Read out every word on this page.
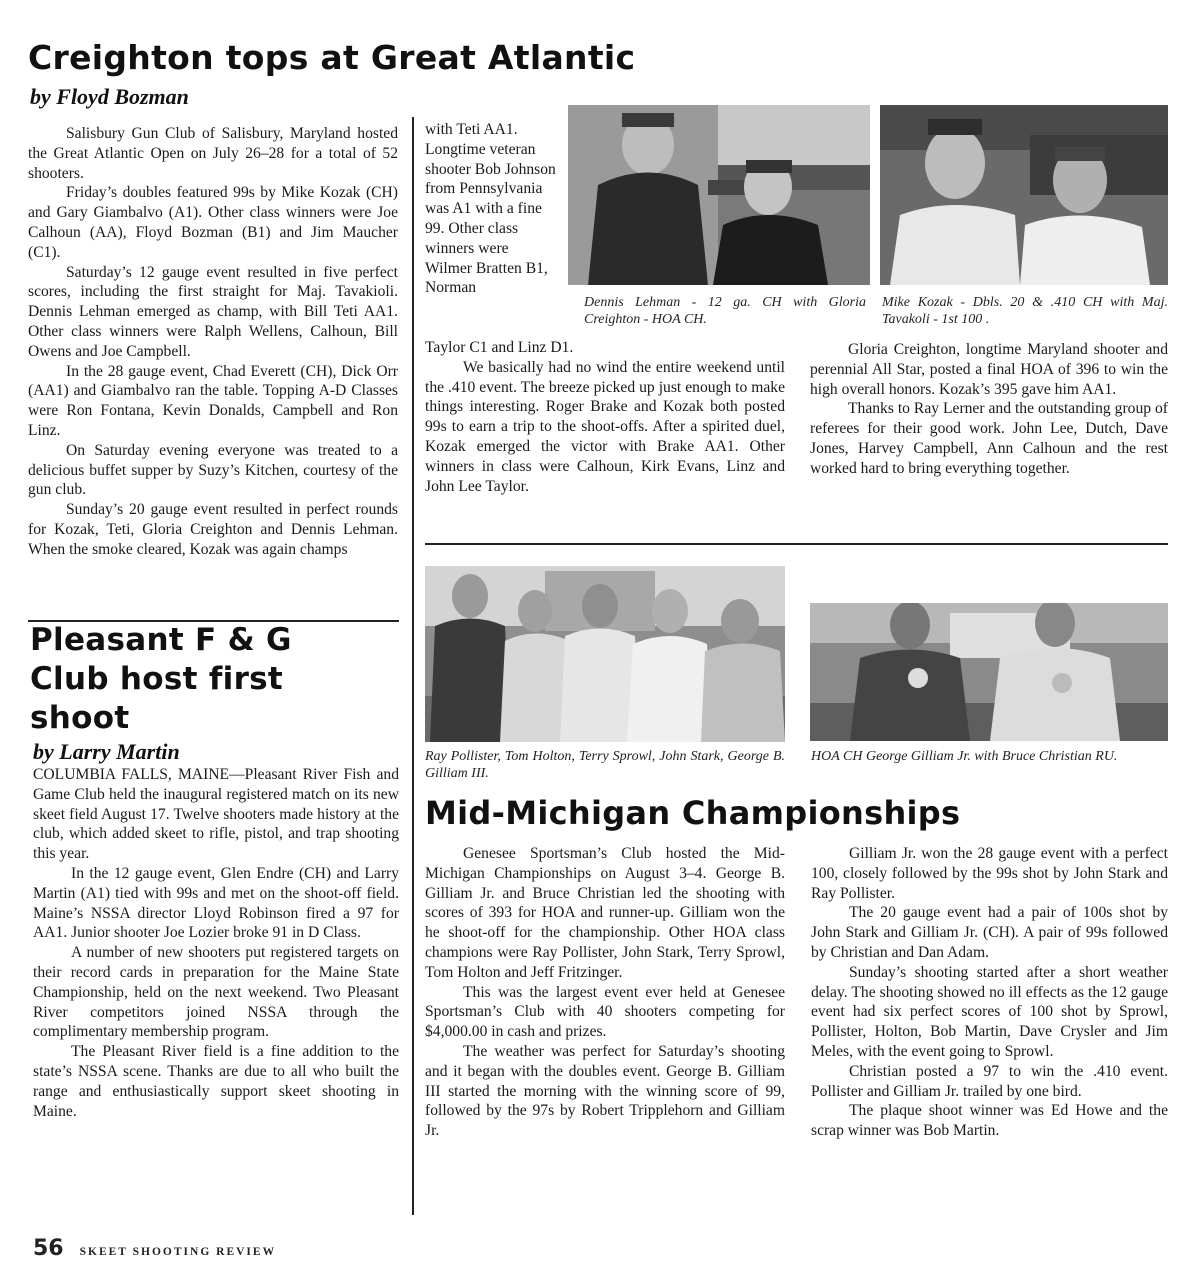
Creighton tops at Great Atlantic
by Floyd Bozman

Salisbury Gun Club of Salisbury, Maryland hosted the Great Atlantic Open on July 26–28 for a total of 52 shooters.

Friday’s doubles featured 99s by Mike Kozak (CH) and Gary Giambalvo (A1). Other class winners were Joe Calhoun (AA), Floyd Bozman (B1) and Jim Maucher (C1).

Saturday’s 12 gauge event resulted in five perfect scores, including the first straight for Maj. Tavakioli. Dennis Lehman emerged as champ, with Bill Teti AA1. Other class winners were Ralph Wellens, Calhoun, Bill Owens and Joe Campbell.

In the 28 gauge event, Chad Everett (CH), Dick Orr (AA1) and Giambalvo ran the table. Topping A-D Classes were Ron Fontana, Kevin Donalds, Campbell and Ron Linz.

On Saturday evening everyone was treated to a delicious buffet supper by Suzy’s Kitchen, courtesy of the gun club.

Sunday’s 20 gauge event resulted in perfect rounds for Kozak, Teti, Gloria Creighton and Dennis Lehman. When the smoke cleared, Kozak was again champs

with Teti AA1. Longtime veteran shooter Bob Johnson from Pennsylvania was A1 with a fine 99. Other class winners were Wilmer Bratten B1, Norman

Taylor C1 and Linz D1.

We basically had no wind the entire weekend until the .410 event. The breeze picked up just enough to make things interesting. Roger Brake and Kozak both posted 99s to earn a trip to the shoot-offs. After a spirited duel, Kozak emerged the victor with Brake AA1. Other winners in class were Calhoun, Kirk Evans, Linz and John Lee Taylor.

Dennis Lehman - 12 ga. CH with Gloria Creighton - HOA CH.
Mike Kozak - Dbls. 20 & .410 CH with Maj. Tavakoli - 1st 100 .

Gloria Creighton, longtime Maryland shooter and perennial All Star, posted a final HOA of 396 to win the high overall honors. Kozak’s 395 gave him AA1.

Thanks to Ray Lerner and the outstanding group of referees for their good work. John Lee, Dutch, Dave Jones, Harvey Campbell, Ann Calhoun and the rest worked hard to bring everything together.

Pleasant F & G
Club host first
shoot
by Larry Martin

COLUMBIA FALLS, MAINE—Pleasant River Fish and Game Club held the inaugural registered match on its new skeet field August 17. Twelve shooters made history at the club, which added skeet to rifle, pistol, and trap shooting this year.

In the 12 gauge event, Glen Endre (CH) and Larry Martin (A1) tied with 99s and met on the shoot-off field. Maine’s NSSA director Lloyd Robinson fired a 97 for AA1. Junior shooter Joe Lozier broke 91 in D Class.

A number of new shooters put registered targets on their record cards in preparation for the Maine State Championship, held on the next weekend. Two Pleasant River competitors joined NSSA through the complimentary membership program.

The Pleasant River field is a fine addition to the state’s NSSA scene. Thanks are due to all who built the range and enthusiastically support skeet shooting in Maine.

Ray Pollister, Tom Holton, Terry Sprowl, John Stark, George B. Gilliam III.
HOA CH George Gilliam Jr. with Bruce Christian RU.
Mid-Michigan Championships

Genesee Sportsman’s Club hosted the Mid-Michigan Championships on August 3–4. George B. Gilliam Jr. and Bruce Christian led the shooting with scores of 393 for HOA and runner-up. Gilliam won the he shoot-off for the championship. Other HOA class champions were Ray Pollister, John Stark, Terry Sprowl, Tom Holton and Jeff Fritzinger.

This was the largest event ever held at Genesee Sportsman’s Club with 40 shooters competing for $4,000.00 in cash and prizes.

The weather was perfect for Saturday’s shooting and it began with the doubles event. George B. Gilliam III started the morning with the winning score of 99, followed by the 97s by Robert Tripplehorn and Gilliam Jr.

Gilliam Jr. won the 28 gauge event with a perfect 100, closely followed by the 99s shot by John Stark and Ray Pollister.

The 20 gauge event had a pair of 100s shot by John Stark and Gilliam Jr. (CH). A pair of 99s followed by Christian and Dan Adam.

Sunday’s shooting started after a short weather delay. The shooting showed no ill effects as the 12 gauge event had six perfect scores of 100 shot by Sprowl, Pollister, Holton, Bob Martin, Dave Crysler and Jim Meles, with the event going to Sprowl.

Christian posted a 97 to win the .410 event. Pollister and Gilliam Jr. trailed by one bird.

The plaque shoot winner was Ed Howe and the scrap winner was Bob Martin.

56 SKEET SHOOTING REVIEW
